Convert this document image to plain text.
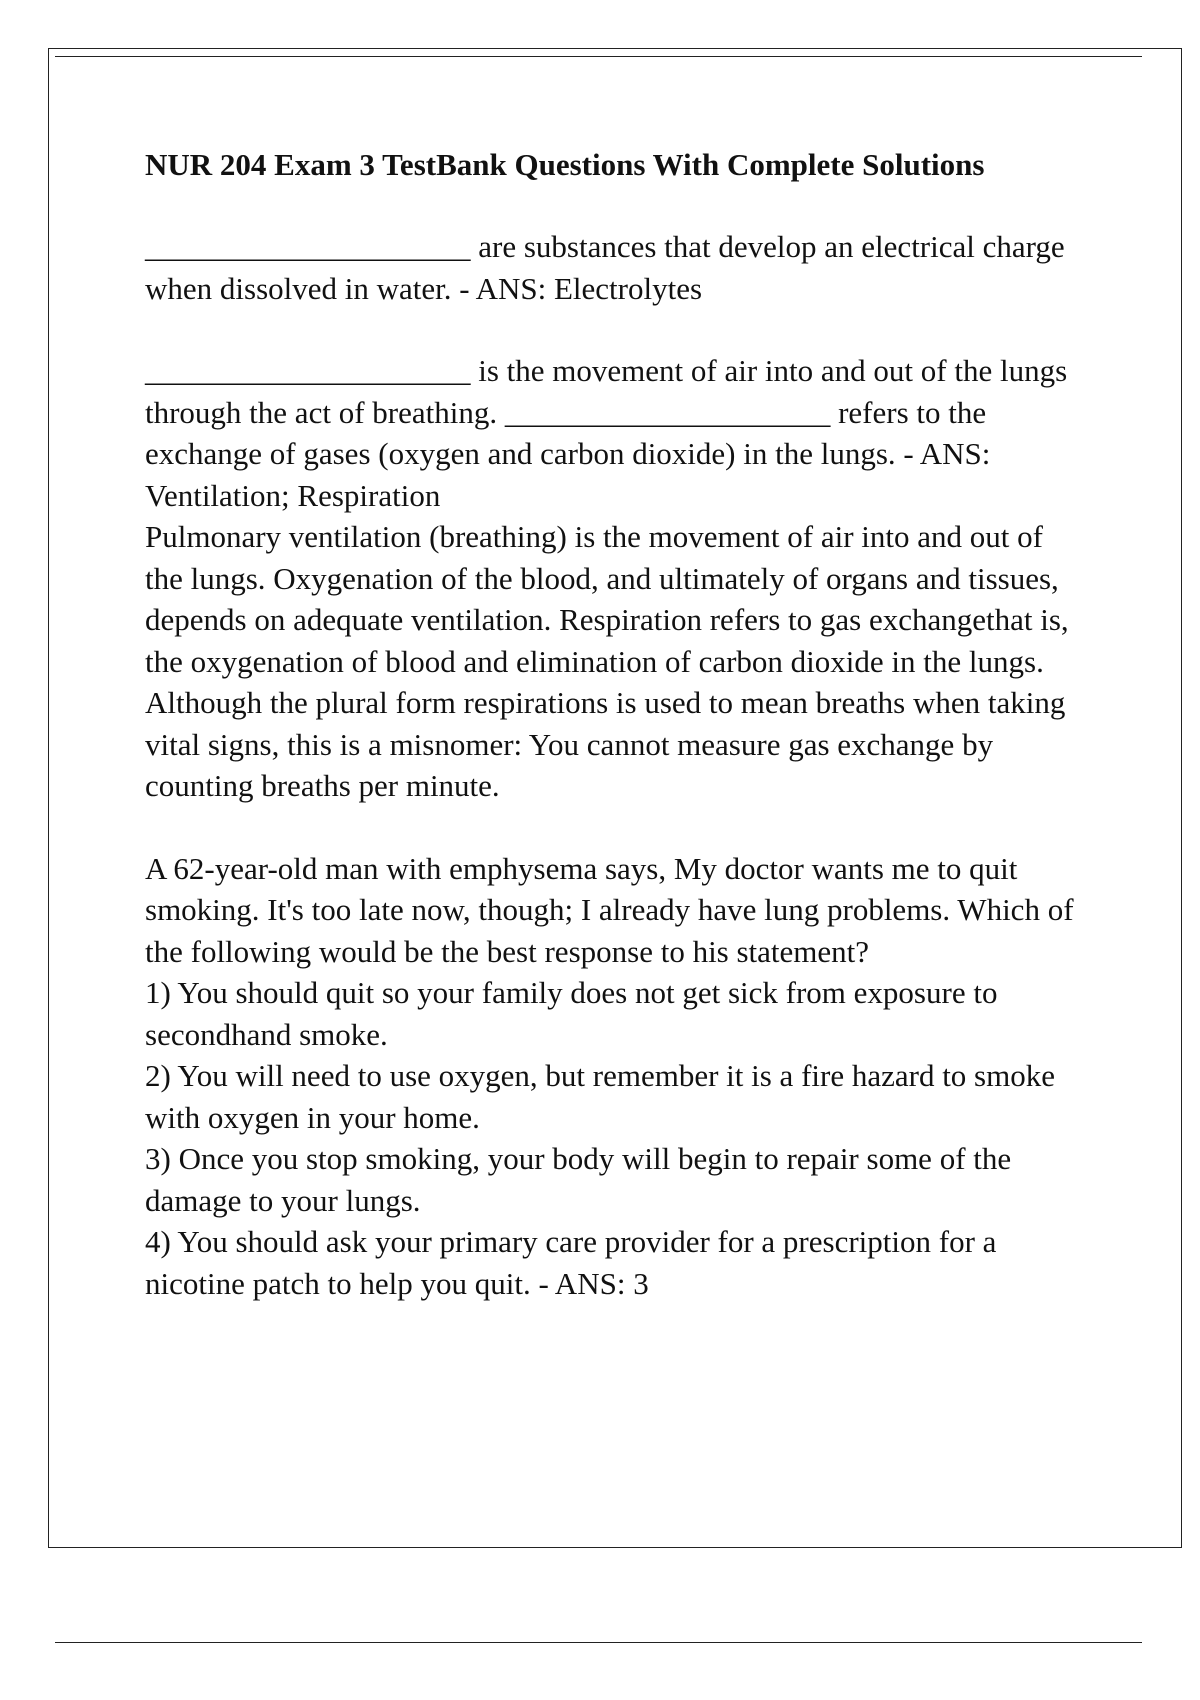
NUR 204 Exam 3 TestBank Questions With Complete Solutions

_____________________ are substances that develop an electrical charge when dissolved in water. - ANS: Electrolytes

_____________________ is the movement of air into and out of the lungs through the act of breathing. _____________________ refers to the exchange of gases (oxygen and carbon dioxide) in the lungs. - ANS: Ventilation; Respiration

Pulmonary ventilation (breathing) is the movement of air into and out of the lungs. Oxygenation of the blood, and ultimately of organs and tissues, depends on adequate ventilation. Respiration refers to gas exchangethat is, the oxygenation of blood and elimination of carbon dioxide in the lungs. Although the plural form respirations is used to mean breaths when taking vital signs, this is a misnomer: You cannot measure gas exchange by counting breaths per minute.

A 62-year-old man with emphysema says, My doctor wants me to quit smoking. It's too late now, though; I already have lung problems. Which of the following would be the best response to his statement?

1) You should quit so your family does not get sick from exposure to secondhand smoke.

2) You will need to use oxygen, but remember it is a fire hazard to smoke with oxygen in your home.

3) Once you stop smoking, your body will begin to repair some of the damage to your lungs.

4) You should ask your primary care provider for a prescription for a nicotine patch to help you quit. - ANS: 3
